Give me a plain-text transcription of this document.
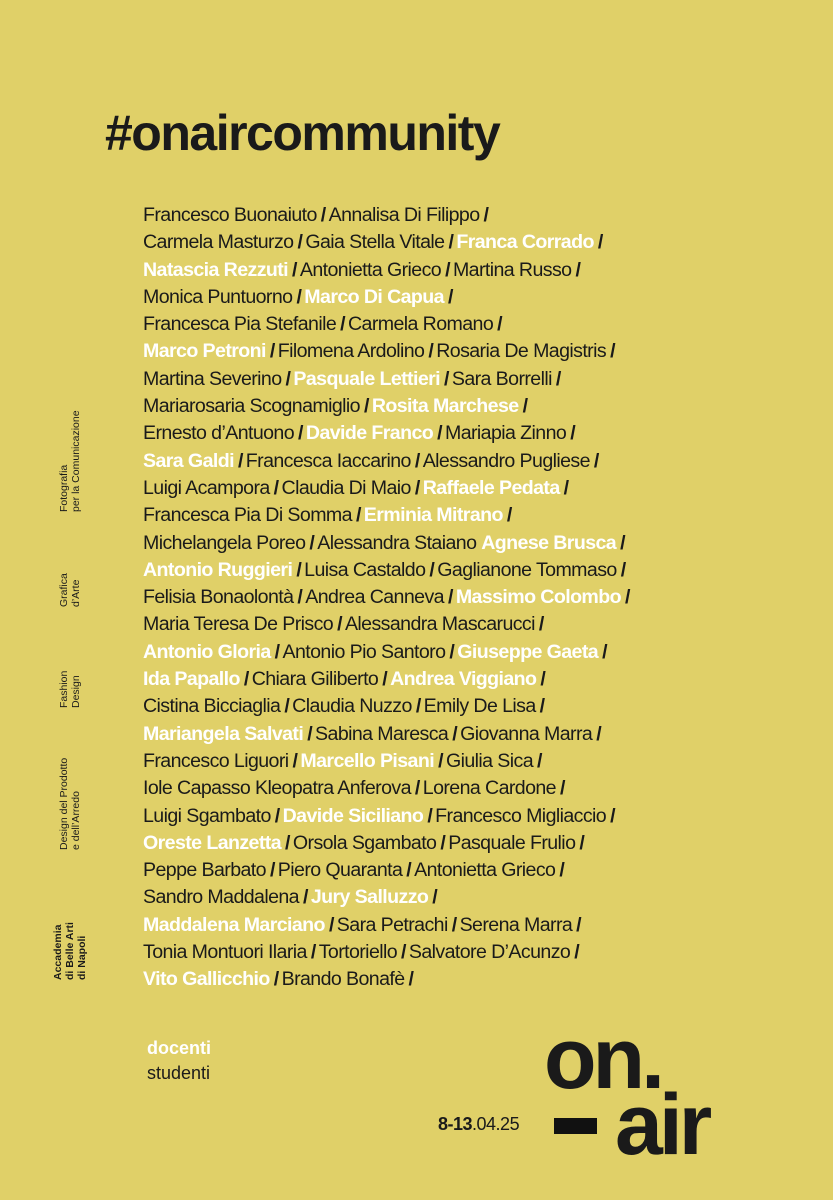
#onaircommunity
Francesco Buonaiuto / Annalisa Di Filippo /
Carmela Masturzo / Gaia Stella Vitale / Franca Corrado /
Natascia Rezzuti / Antonietta Grieco / Martina Russo /
Monica Puntuorno / Marco Di Capua /
Francesca Pia Stefanile / Carmela Romano /
Marco Petroni / Filomena Ardolino / Rosaria De Magistris /
Martina Severino / Pasquale Lettieri / Sara Borrelli /
Mariarosaria Scognamiglio / Rosita Marchese /
Ernesto d’Antuono / Davide Franco / Mariapia Zinno /
Sara Galdi / Francesca Iaccarino / Alessandro Pugliese /
Luigi Acampora / Claudia Di Maio / Raffaele Pedata /
Francesca Pia Di Somma / Erminia Mitrano /
Michelangela Poreo / Alessandra Staiano Agnese Brusca /
Antonio Ruggieri / Luisa Castaldo / Gaglianone Tommaso /
Felisia Bonaolontà / Andrea Canneva / Massimo Colombo /
Maria Teresa De Prisco / Alessandra Mascarucci /
Antonio Gloria / Antonio Pio Santoro / Giuseppe Gaeta /
Ida Papallo / Chiara Giliberto / Andrea Viggiano /
Cistina Bicciaglia / Claudia Nuzzo / Emily De Lisa /
Mariangela Salvati / Sabina Maresca / Giovanna Marra /
Francesco Liguori / Marcello Pisani / Giulia Sica /
Iole Capasso Kleopatra Anferova / Lorena Cardone /
Luigi Sgambato / Davide Siciliano / Francesco Migliaccio /
Oreste Lanzetta / Orsola Sgambato / Pasquale Frulio /
Peppe Barbato / Piero Quaranta / Antonietta Grieco /
Sandro Maddalena / Jury Salluzzo /
Maddalena Marciano / Sara Petrachi / Serena Marra /
Tonia Montuori Ilaria / Tortoriello / Salvatore D’Acunzo /
Vito Gallicchio / Brando Bonafè /
Fotografia per la Comunicazione
Grafica d’Arte
Fashion Design
Design del Prodotto e dell’Arredo
Accademia di Belle Arti di Napoli
docenti
studenti
8-13.04.25
on.
air
